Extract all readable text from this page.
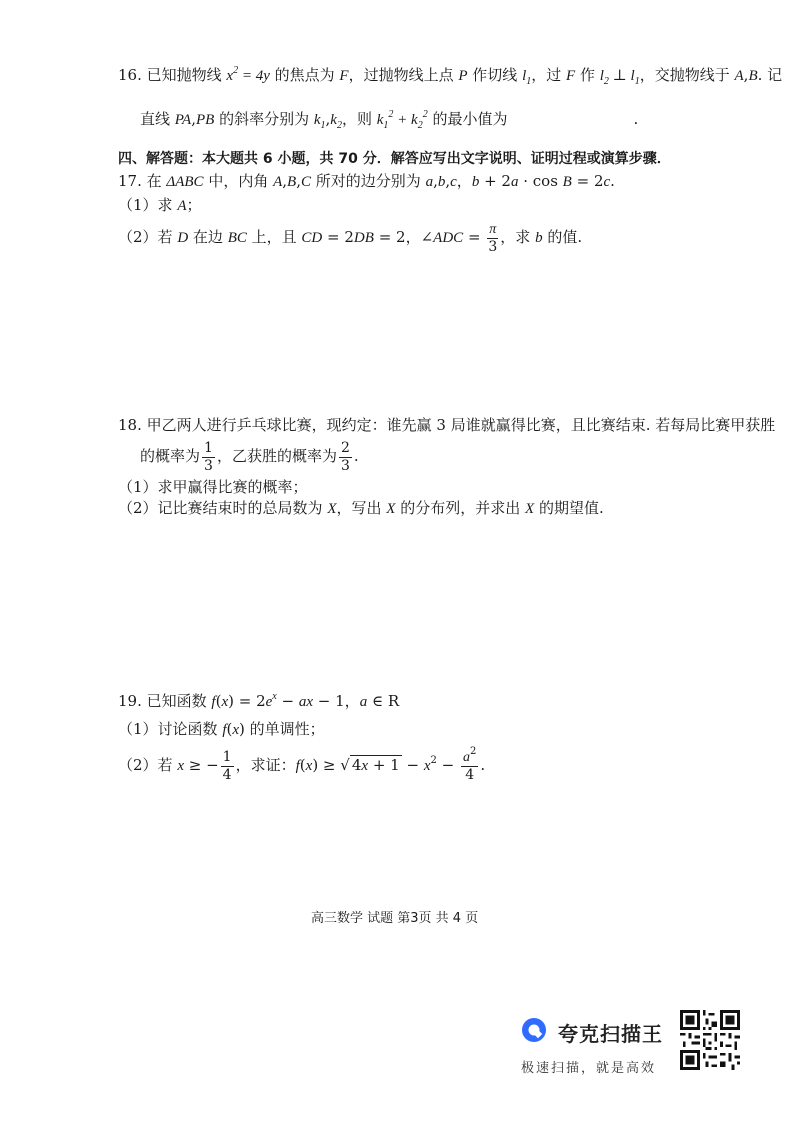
16. 已知抛物线 $x^2 = 4y$ 的焦点为 F，过抛物线上点 P 作切线 $l_1$，过 F 作 $l_2$ ⊥ $l_1$，交抛物线于 A,B. 记
直线 PA,PB 的斜率分别为 $k_1,k_2$，则 $k_1^2 + k_2^2$ 的最小值为	.
四、解答题：本大题共 6 小题，共 70 分．解答应写出文字说明、证明过程或演算步骤．
17. 在 ΔABC 中，内角 A,B,C 所对的边分别为 a,b,c，b + 2a · cos B = 2c.
（1）求 A；
（2）若 D 在边 BC 上，且 CD = 2DB = 2，∠ADC = $\frac{\pi}{3}$ ，求 b 的值.
18. 甲乙两人进行乒乓球比赛，现约定：谁先赢 3 局谁就赢得比赛，且比赛结束. 若每局比赛甲获胜
的概率为 $\frac{1}{3}$ ，乙获胜的概率为 $\frac{2}{3}$ .
（1）求甲赢得比赛的概率；
（2）记比赛结束时的总局数为 X，写出 X 的分布列，并求出 X 的期望值.
19. 已知函数 $f(x) = 2e^x$ − ax − 1，a ∈ R
（1）讨论函数 f(x) 的单调性；
（2）若 x ≥ − $\frac{1}{4}$ ，求证：f(x) ≥ √ $4x + 1 - x^2 - \frac{a^2}{4}$ .
高三数学 试题 第3页 共 4 页
夸克扫描王
极速扫描，就是高效
